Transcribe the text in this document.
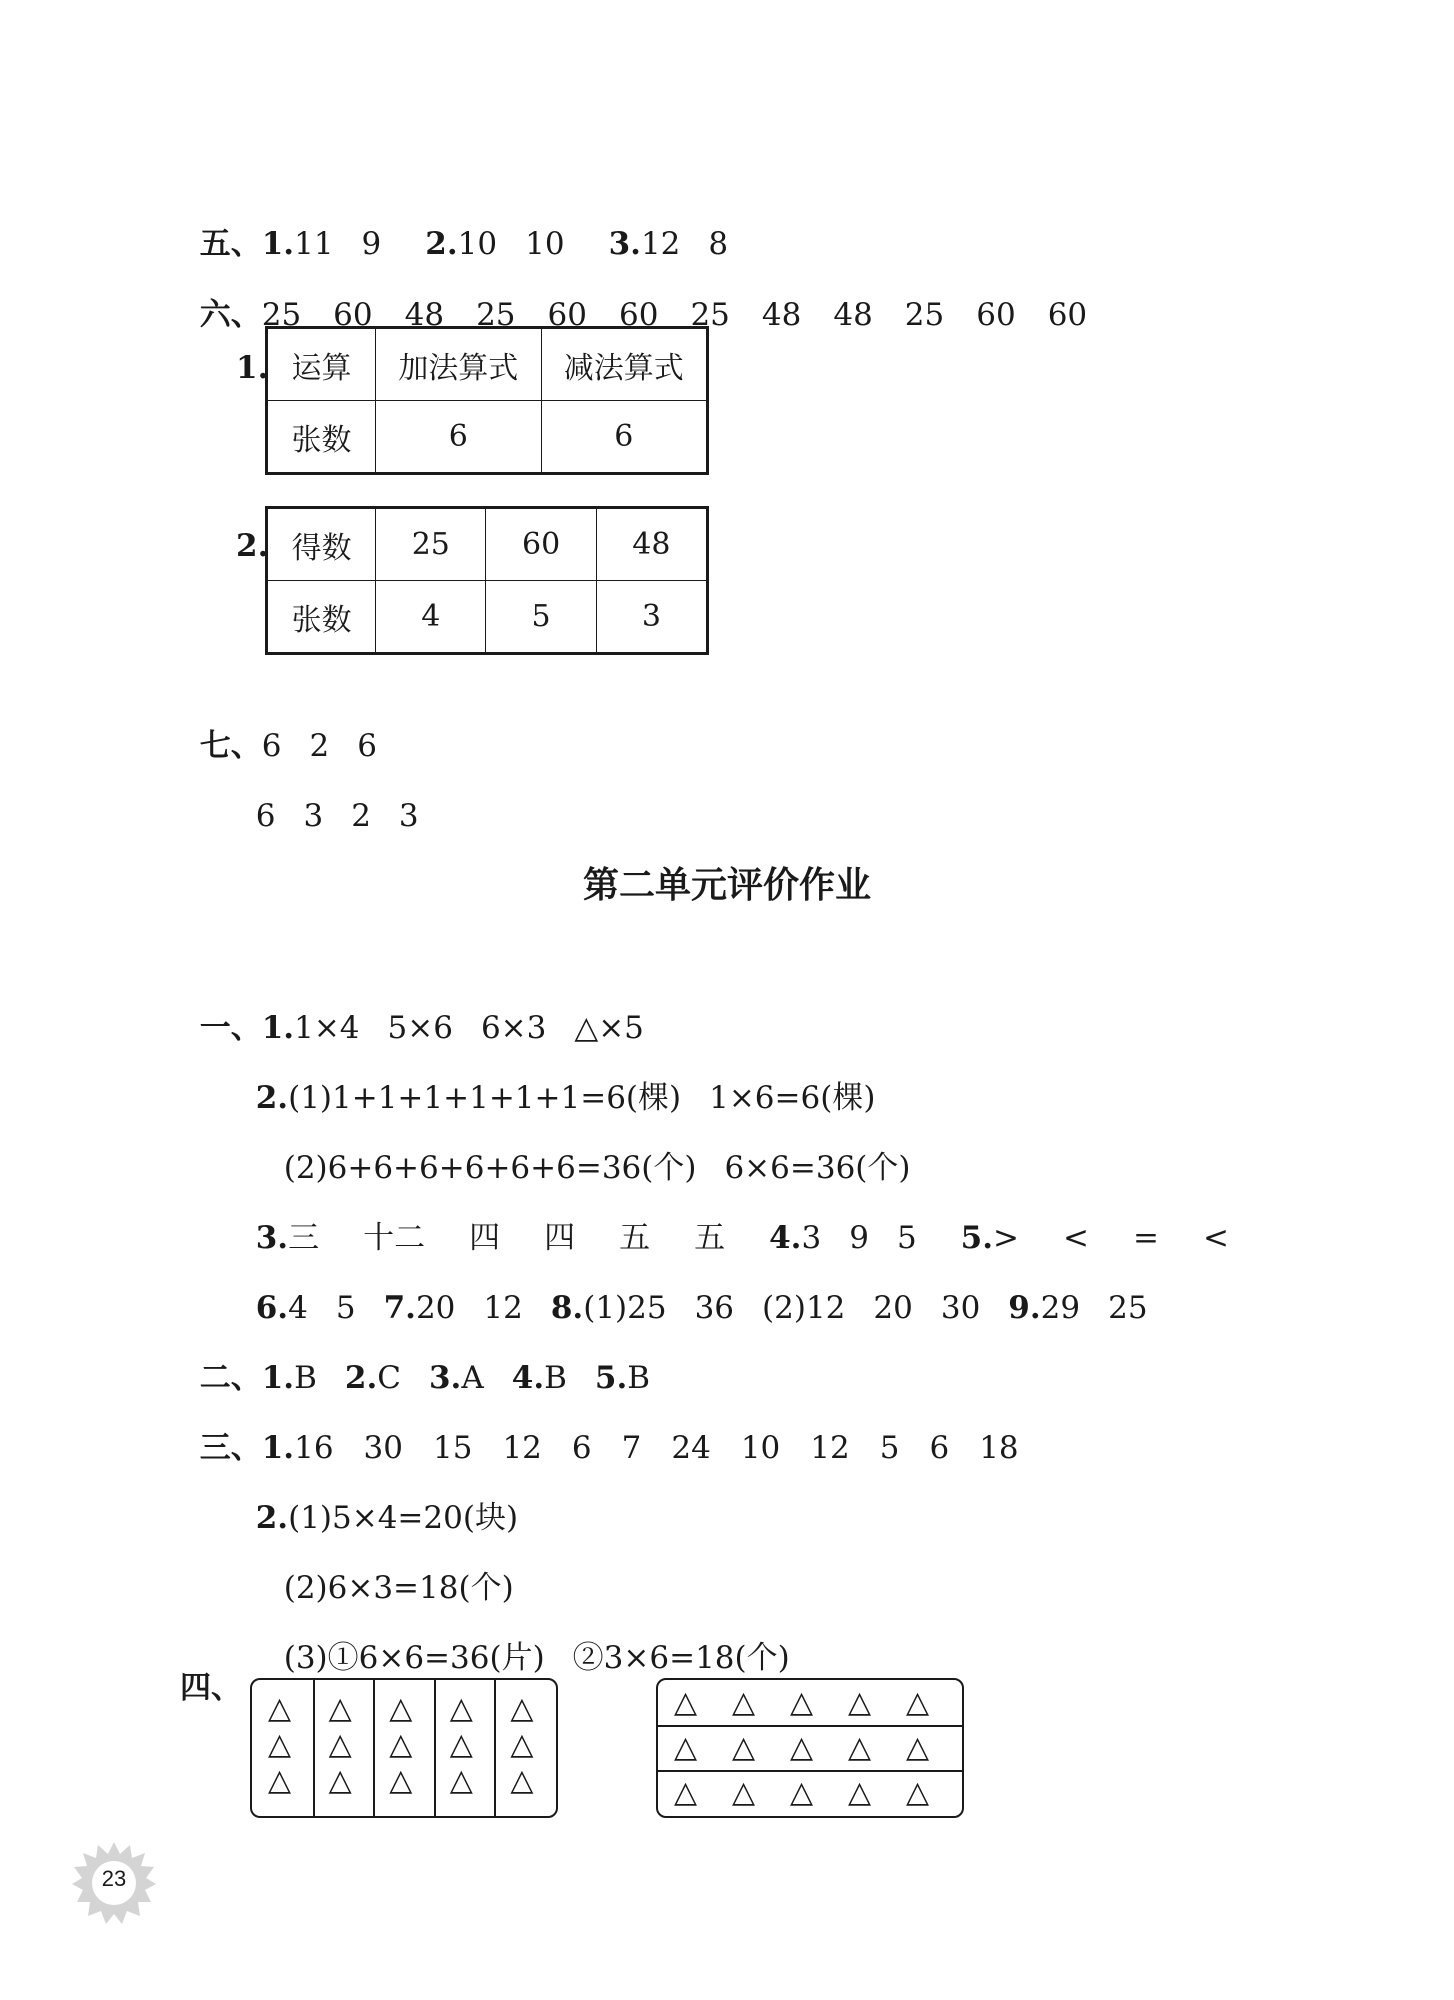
五、1.11 9 2.10 10 3.12 8

六、25 60 48 25 60 60 25 48 48 25 60 60

1. 运算	加法算式	减法算式
张数	6	6
2. 得数	25	60	48
张数	4	5	3

七、6 2 6

6 3 2 3

第二单元评价作业

一、1.1×4 5×6 6×3 △×5

2.(1)1+1+1+1+1+1=6(棵) 1×6=6(棵)

(2)6+6+6+6+6+6=36(个) 6×6=36(个)

3.三 十二 四 四 五 五 4.3 9 5 5.> < = <

6.4 5 7.20 12 8.(1)25 36 (2)12 20 30 9.29 25

二、1.B 2.C 3.A 4.B 5.B

三、1.16 30 15 12 6 7 24 10 12 5 6 18

2.(1)5×4=20(块)

(2)6×3=18(个)

(3)①6×6=36(片) ②3×6=18(个)

四、
△
△
△
△
△
△
△
△
△
△
△
△
△
△
△
△ △ △ △ △
△ △ △ △ △
△ △ △ △ △
23
